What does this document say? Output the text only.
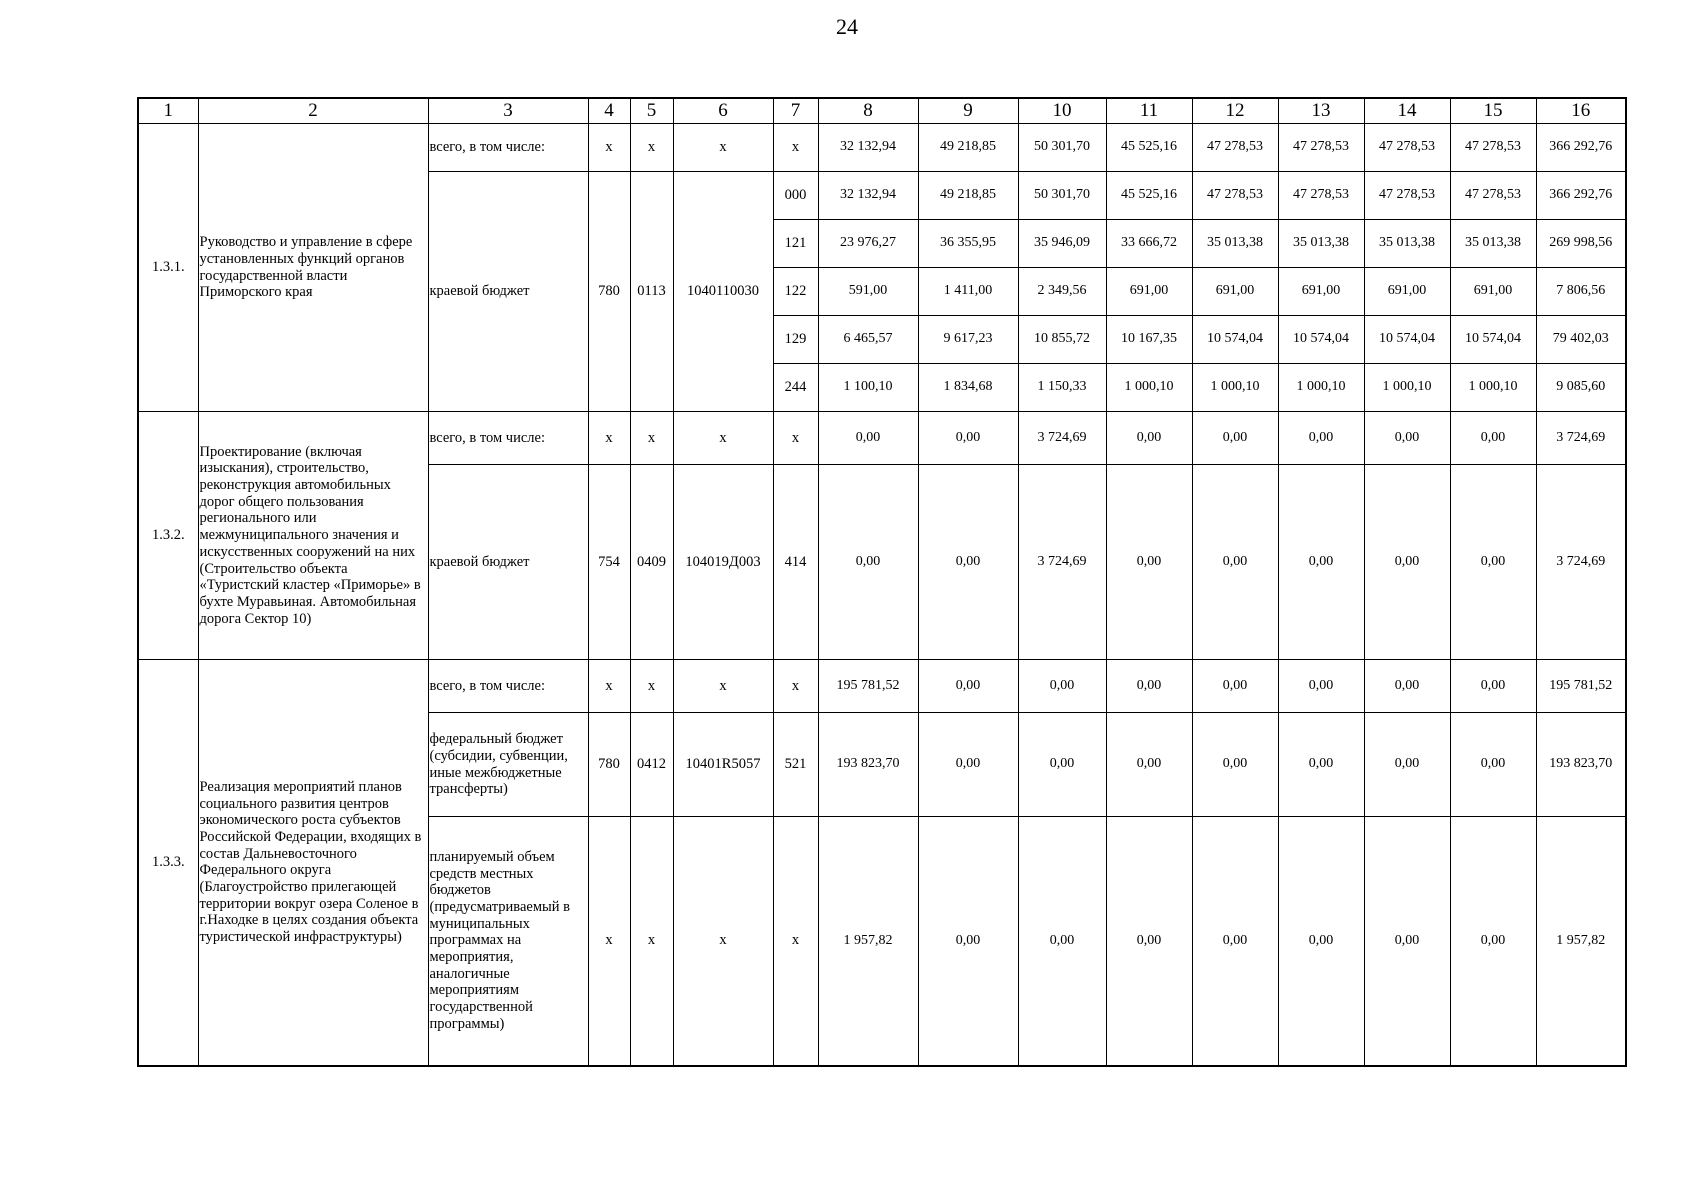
24
1	2	3	4	5	6	7	8	9	10	11	12	13	14	15	16
1.3.1.	Руководство и управление в сфере установленных функций органов государственной власти Приморского края	всего, в том числе:	x	x	x	x	32 132,94	49 218,85	50 301,70	45 525,16	47 278,53	47 278,53	47 278,53	47 278,53	366 292,76
		краевой бюджет	780	0113	1040110030	000	32 132,94	49 218,85	50 301,70	45 525,16	47 278,53	47 278,53	47 278,53	47 278,53	366 292,76
						121	23 976,27	36 355,95	35 946,09	33 666,72	35 013,38	35 013,38	35 013,38	35 013,38	269 998,56
						122	591,00	1 411,00	2 349,56	691,00	691,00	691,00	691,00	691,00	7 806,56
						129	6 465,57	9 617,23	10 855,72	10 167,35	10 574,04	10 574,04	10 574,04	10 574,04	79 402,03
						244	1 100,10	1 834,68	1 150,33	1 000,10	1 000,10	1 000,10	1 000,10	1 000,10	9 085,60
1.3.2.	Проектирование (включая изыскания), строительство, реконструкция автомобильных дорог общего пользования регионального или межмуниципального значения и искусственных сооружений на них (Строительство объекта «Туристский кластер «Приморье» в бухте Муравьиная. Автомобильная дорога Сектор 10)	всего, в том числе:	x	x	x	x	0,00	0,00	3 724,69	0,00	0,00	0,00	0,00	0,00	3 724,69
		краевой бюджет	754	0409	104019Д003	414	0,00	0,00	3 724,69	0,00	0,00	0,00	0,00	0,00	3 724,69
1.3.3.	Реализация мероприятий планов социального развития центров экономического роста субъектов Российской Федерации, входящих в состав Дальневосточного Федерального округа (Благоустройство прилегающей территории вокруг озера Соленое в г.Находке в целях создания объекта туристической инфраструктуры)	всего, в том числе:	x	x	x	x	195 781,52	0,00	0,00	0,00	0,00	0,00	0,00	0,00	195 781,52
		федеральный бюджет (субсидии, субвенции, иные межбюджетные трансферты)	780	0412	10401R5057	521	193 823,70	0,00	0,00	0,00	0,00	0,00	0,00	0,00	193 823,70
		планируемый объем средств местных бюджетов (предусматриваемый в муниципальных программах на мероприятия, аналогичные мероприятиям государственной программы)	x	x	x	x	1 957,82	0,00	0,00	0,00	0,00	0,00	0,00	0,00	1 957,82
